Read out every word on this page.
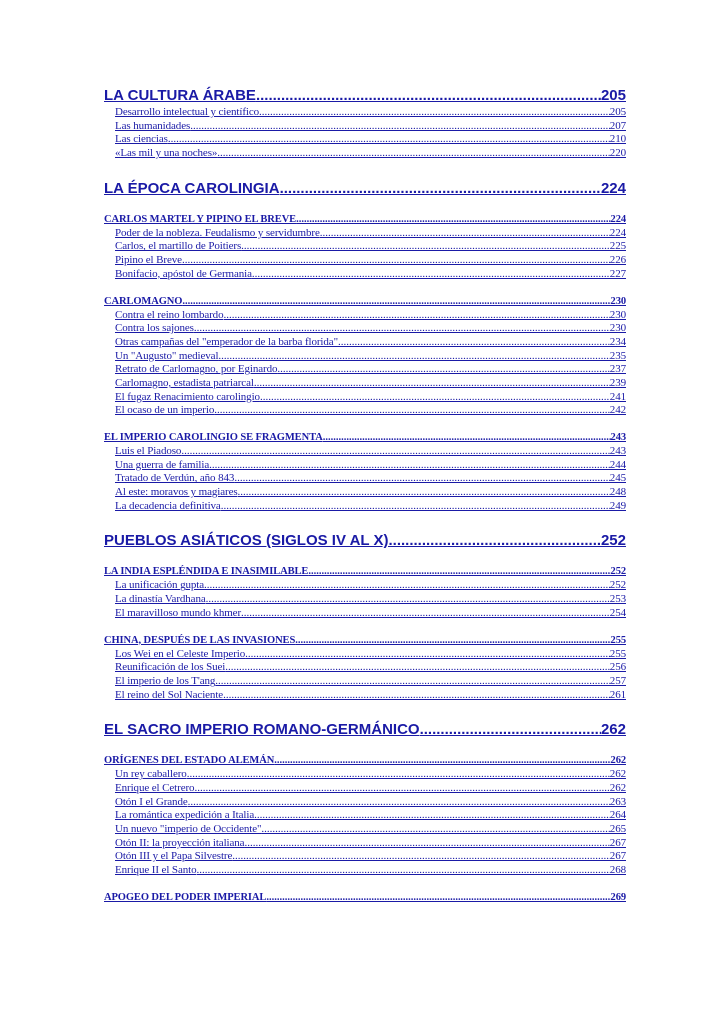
LA CULTURA ÁRABE .....	205
Desarrollo intelectual y científico .....	205
Las humanidades .....	207
Las ciencias .....	210
«Las mil y una noches» .....	220
LA ÉPOCA CAROLINGIA .....	224
CARLOS MARTEL Y PIPINO EL BREVE .....	224
Poder de la nobleza. Feudalismo y servidumbre .....	224
Carlos, el martillo de Poitiers .....	225
Pipino el Breve .....	226
Bonifacio, apóstol de Germania .....	227
CARLOMAGNO .....	230
Contra el reino lombardo .....	230
Contra los sajones .....	230
Otras campañas del "emperador de la barba florida" .....	234
Un "Augusto" medieval .....	235
Retrato de Carlomagno, por Eginardo .....	237
Carlomagno, estadista patriarcal .....	239
El fugaz Renacimiento carolingio .....	241
El ocaso de un imperio .....	242
EL IMPERIO CAROLINGIO SE FRAGMENTA .....	243
Luis el Piadoso .....	243
Una guerra de familia .....	244
Tratado de Verdún, año 843 .....	245
Al este: moravos y magiares .....	248
La decadencia definitiva .....	249
PUEBLOS ASIÁTICOS (SIGLOS IV AL X) .....	252
LA INDIA ESPLÉNDIDA E INASIMILABLE .....	252
La unificación gupta .....	252
La dinastía Vardhana .....	253
El maravilloso mundo khmer .....	254
CHINA, DESPUÉS DE LAS INVASIONES .....	255
Los Wei en el Celeste Imperio .....	255
Reunificación de los Suei .....	256
El imperio de los T'ang .....	257
El reino del Sol Naciente .....	261
EL SACRO IMPERIO ROMANO-GERMÁNICO .....	262
ORÍGENES DEL ESTADO ALEMÁN .....	262
Un rey caballero .....	262
Enrique el Cetrero .....	262
Otón I el Grande .....	263
La romántica expedición a Italia .....	264
Un nuevo "imperio de Occidente" .....	265
Otón II: la proyección italiana .....	267
Otón III y el Papa Silvestre .....	267
Enrique II el Santo .....	268
APOGEO DEL PODER IMPERIAL .....	269
